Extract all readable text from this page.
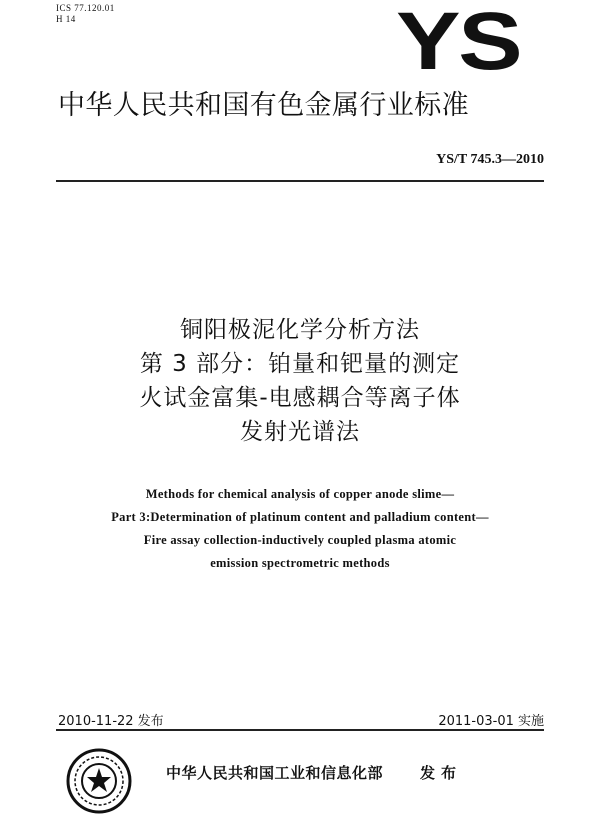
ICS 77.120.01
H 14	YS
中华人民共和国有色金属行业标准
YS/T 745.3—2010
铜阳极泥化学分析方法
第 3 部分：铂量和钯量的测定
火试金富集-电感耦合等离子体
发射光谱法
Methods for chemical analysis of copper anode slime—
Part 3:Determination of platinum content and palladium content—
Fire assay collection-inductively coupled plasma atomic
emission spectrometric methods
2010-11-22 发布	2011-03-01 实施
中华人民共和国工业和信息化部 发布
